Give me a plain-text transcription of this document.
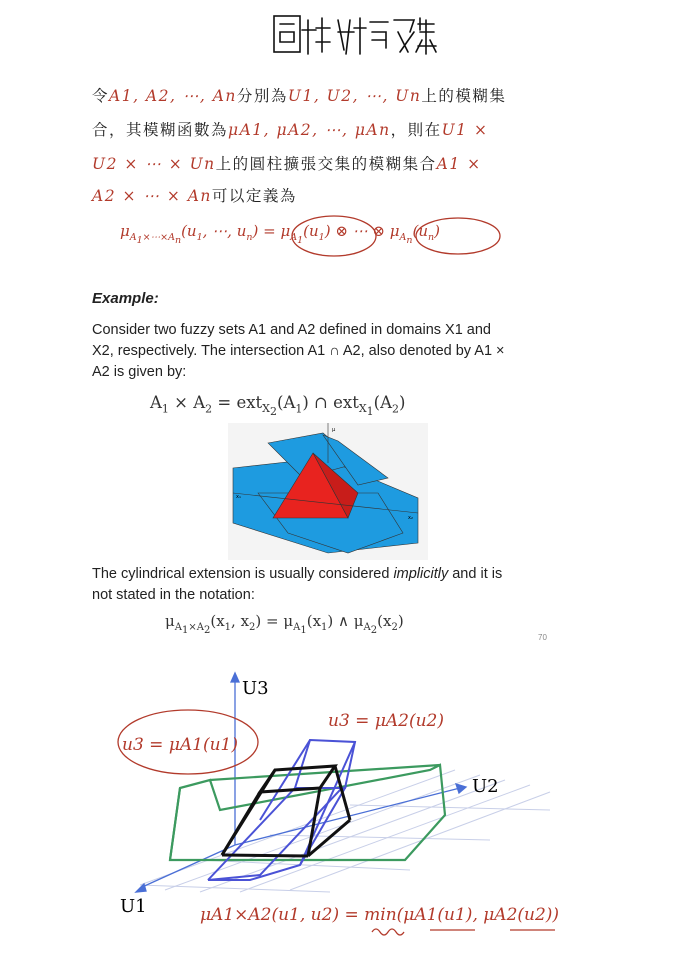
令A1, A2, ⋯, An分別為U1, U2, ⋯, Un上的模糊集
合，其模糊函數為μA1, μA2, ⋯, μAn，則在U1 ×
U2 × ⋯ × Un上的圓柱擴張交集的模糊集合A1 ×
A2 × ⋯ × An可以定義為
$\mu_{A_1\times\cdots\times A_n}(u_1$, ⋯, $u_n) = \mu_{A_1}(u_1)$ ⊗ ⋯ ⊗ $\mu_{A_n}(u_n)$
Example:
Consider two fuzzy sets A1 and A2 defined in domains X1 and X2, respectively. The intersection A1 ∩ A2, also denoted by A1 × A2 is given by:
$A_1 \times A_2 = ext_{X_2}(A_1)$ ∩ $ext_{X_1}(A_2)$
μ
x₂
x₁
The cylindrical extension is usually considered implicitly and it is not stated in the notation:
$\mu_{A_1\times A_2}(x_1$, $x_2) = \mu_{A_1}(x_1)$ ∧ $\mu_{A_2}(x_2)$
70
U3
U2
U1
u3 = μA1(u1)
u3 = μA2(u2)
μA1×A2(u1, u2) = min(μA1(u1), μA2(u2))
